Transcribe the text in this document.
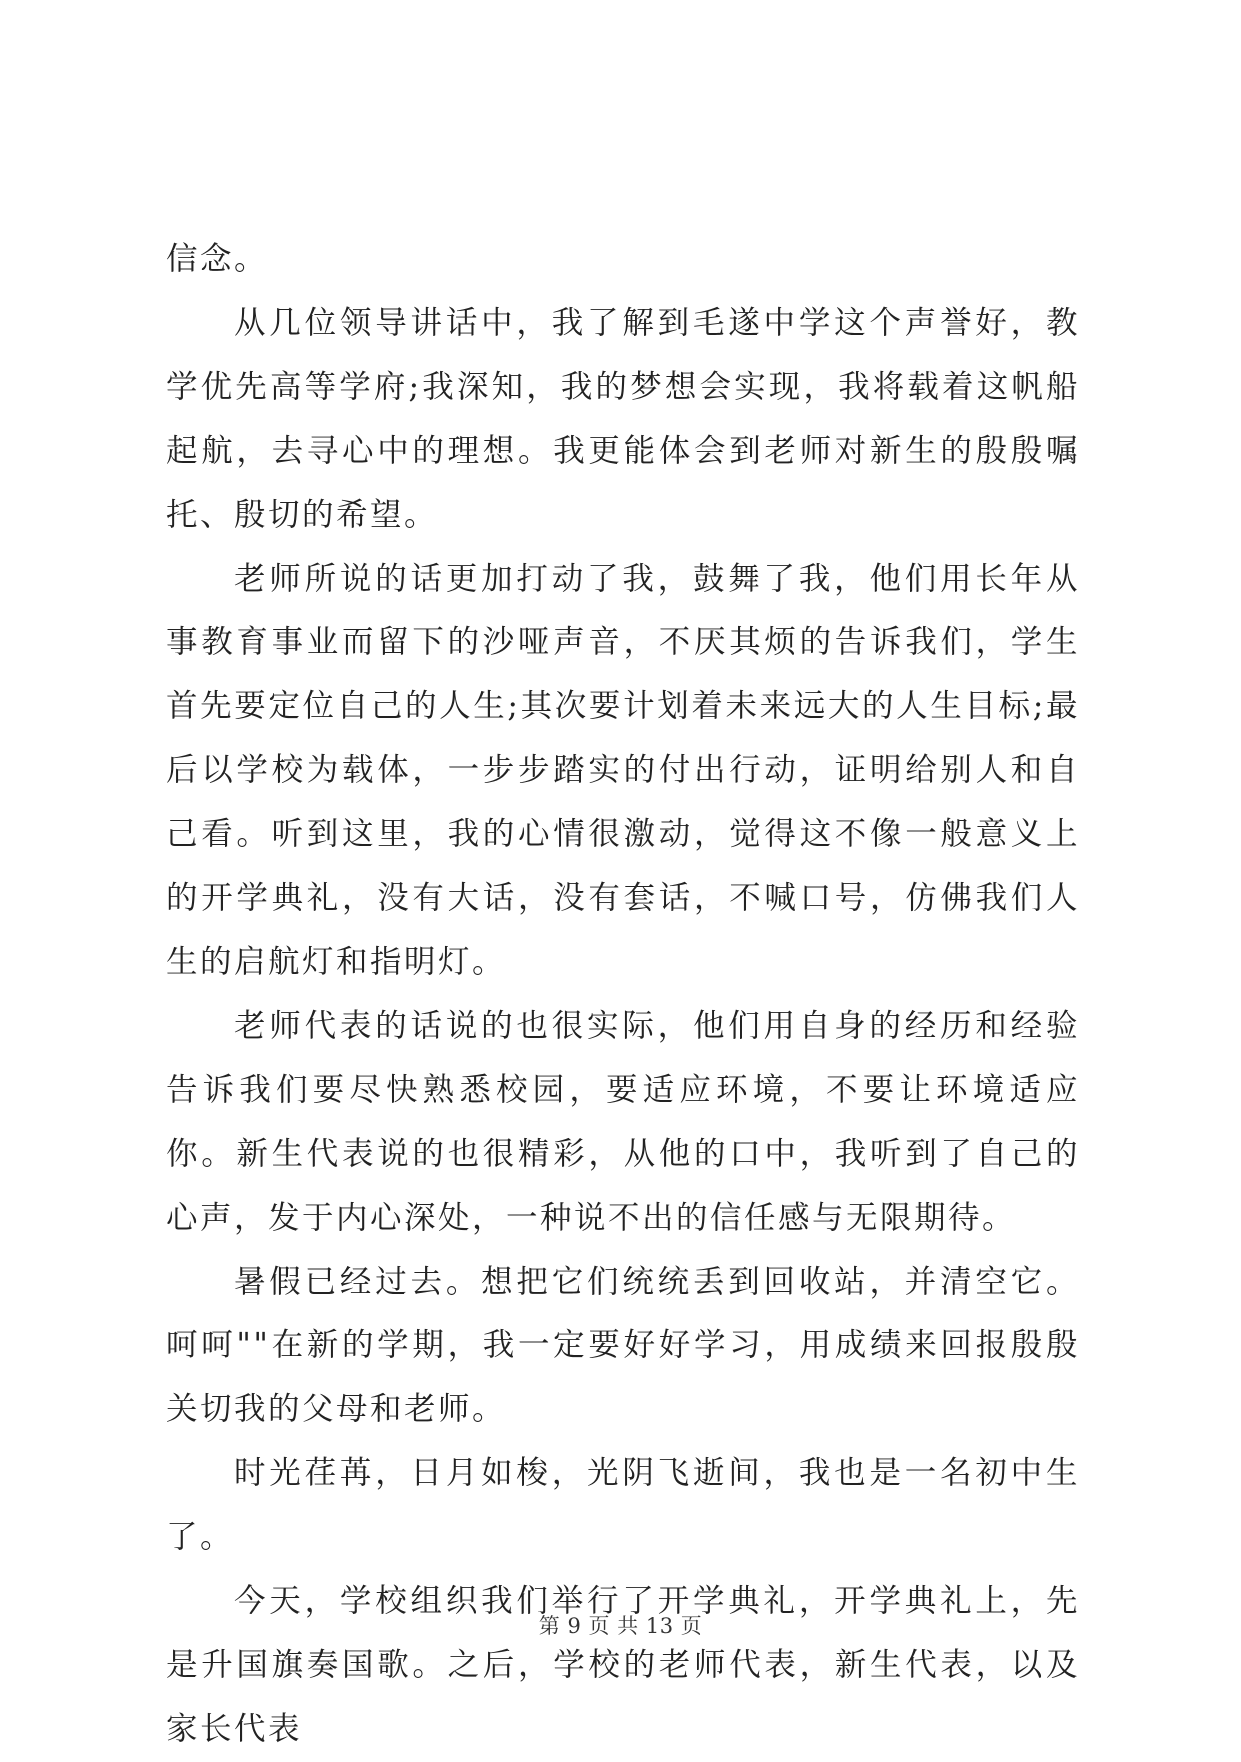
信念。

从几位领导讲话中，我了解到毛遂中学这个声誉好，教学优先高等学府;我深知，我的梦想会实现，我将载着这帆船起航，去寻心中的理想。我更能体会到老师对新生的殷殷嘱托、殷切的希望。

老师所说的话更加打动了我，鼓舞了我，他们用长年从事教育事业而留下的沙哑声音，不厌其烦的告诉我们，学生首先要定位自己的人生;其次要计划着未来远大的人生目标;最后以学校为载体，一步步踏实的付出行动，证明给别人和自己看。听到这里，我的心情很激动，觉得这不像一般意义上的开学典礼，没有大话，没有套话，不喊口号，仿佛我们人生的启航灯和指明灯。

老师代表的话说的也很实际，他们用自身的经历和经验告诉我们要尽快熟悉校园，要适应环境，不要让环境适应你。新生代表说的也很精彩，从他的口中，我听到了自己的心声，发于内心深处，一种说不出的信任感与无限期待。

暑假已经过去。想把它们统统丢到回收站，并清空它。呵呵""在新的学期，我一定要好好学习，用成绩来回报殷殷关切我的父母和老师。

时光荏苒，日月如梭，光阴飞逝间，我也是一名初中生了。

今天，学校组织我们举行了开学典礼，开学典礼上，先是升国旗奏国歌。之后，学校的老师代表，新生代表，以及家长代表

第 9 页 共 13 页
